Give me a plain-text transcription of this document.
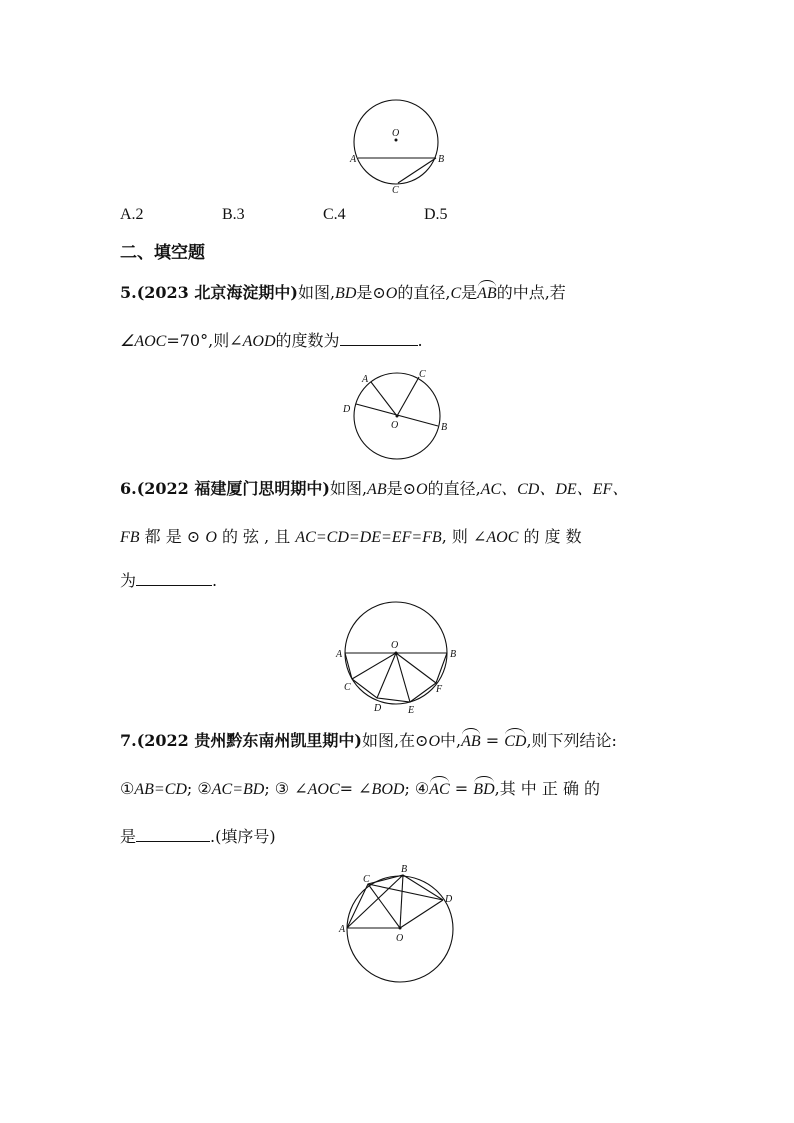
O
A	B
C
A.2	B.3	C.4	D.5
二、填空题
5.(2023 北京海淀期中)如图,BD是⊙O的直径,C是AB的中点,若
∠AOC=70°,则∠AOD的度数为	.
A	C
D
O	B
6.(2022 福建厦门思明期中)如图,AB是⊙O的直径,AC、CD、DE、EF、
FB 都 是 ⊙ O 的 弦 , 且 AC=CD=DE=EF=FB, 则 ∠AOC 的 度 数
为	.
O
A	B
C
D	E
F
7.(2022 贵州黔东南州凯里期中)如图,在⊙O中,AB = CD,则下列结论:
①AB=CD; ②AC=BD; ③ ∠AOC= ∠BOD; ④AC = BD,其 中 正 确 的
是	.(填序号)
C
B
D
A
O
